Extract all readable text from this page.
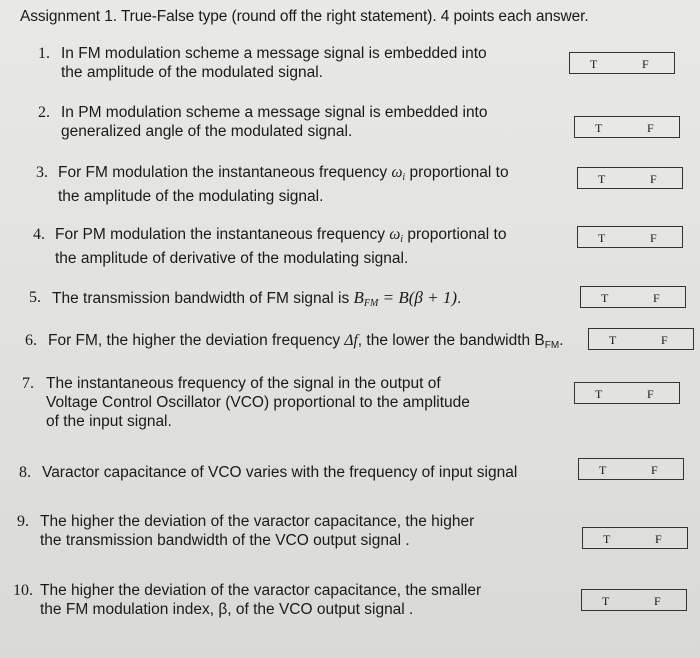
Assignment 1. True-False type (round off the right statement). 4 points each answer.
1. In FM modulation scheme a message signal is embedded into
the amplitude of the modulated signal.	T	F
2. In PM modulation scheme a message signal is embedded into
generalized angle of the modulated signal.	T	F
3. For FM modulation the instantaneous frequency $\omega_i$ proportional to
the amplitude of the modulating signal.
T	F
4. For PM modulation the instantaneous frequency $\omega_i$ proportional to
the amplitude of derivative of the modulating signal.
T	F
5. The transmission bandwidth of FM signal is $B_{FM} = B(\beta + 1)$.	T	F
6. For FM, the higher the deviation frequency Δf, the lower the bandwidth $B_{FM}$.	T	F
7. The instantaneous frequency of the signal in the output of
Voltage Control Oscillator (VCO) proportional to the amplitude
of the input signal.
T	F
8. Varactor capacitance of VCO varies with the frequency of input signal	T	F
9. The higher the deviation of the varactor capacitance, the higher
the transmission bandwidth of the VCO output signal .	T	F
10. The higher the deviation of the varactor capacitance, the smaller
the FM modulation index, β, of the VCO output signal .	T	F
